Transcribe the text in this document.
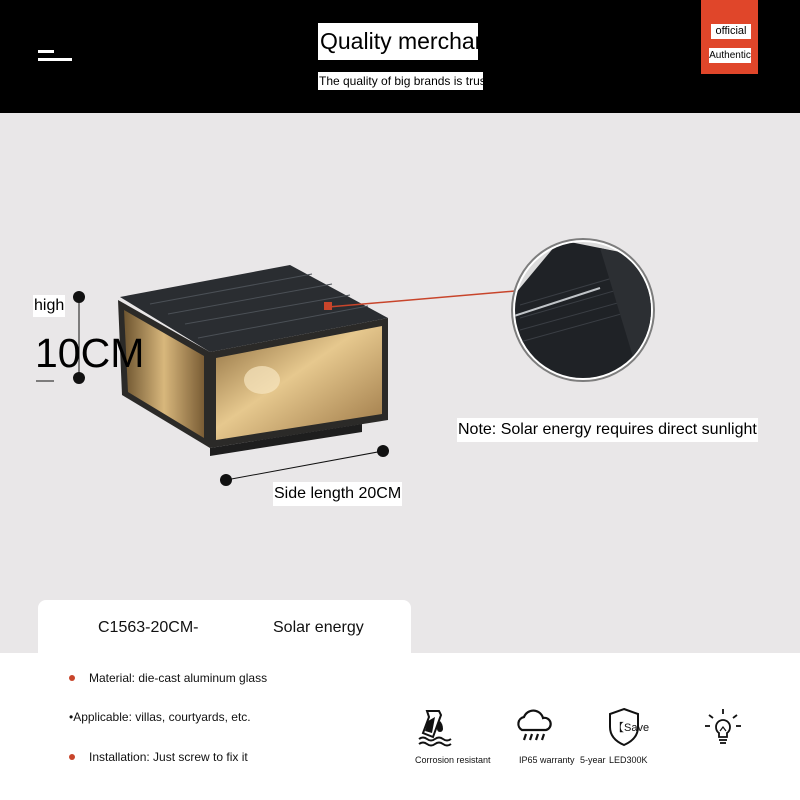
Quality merchandise
The quality of big brands is trustworthy
official
Authentic
high
10CM
Note: Solar energy requires direct sunlight
Side length 20CM
C1563-20CM-	Solar energy
Material: die-cast aluminum glass
•Applicable: villas, courtyards, etc.
Installation: Just screw to fix it	Corrosion resistant	IP65 warranty
【Save
5-year LED300K
